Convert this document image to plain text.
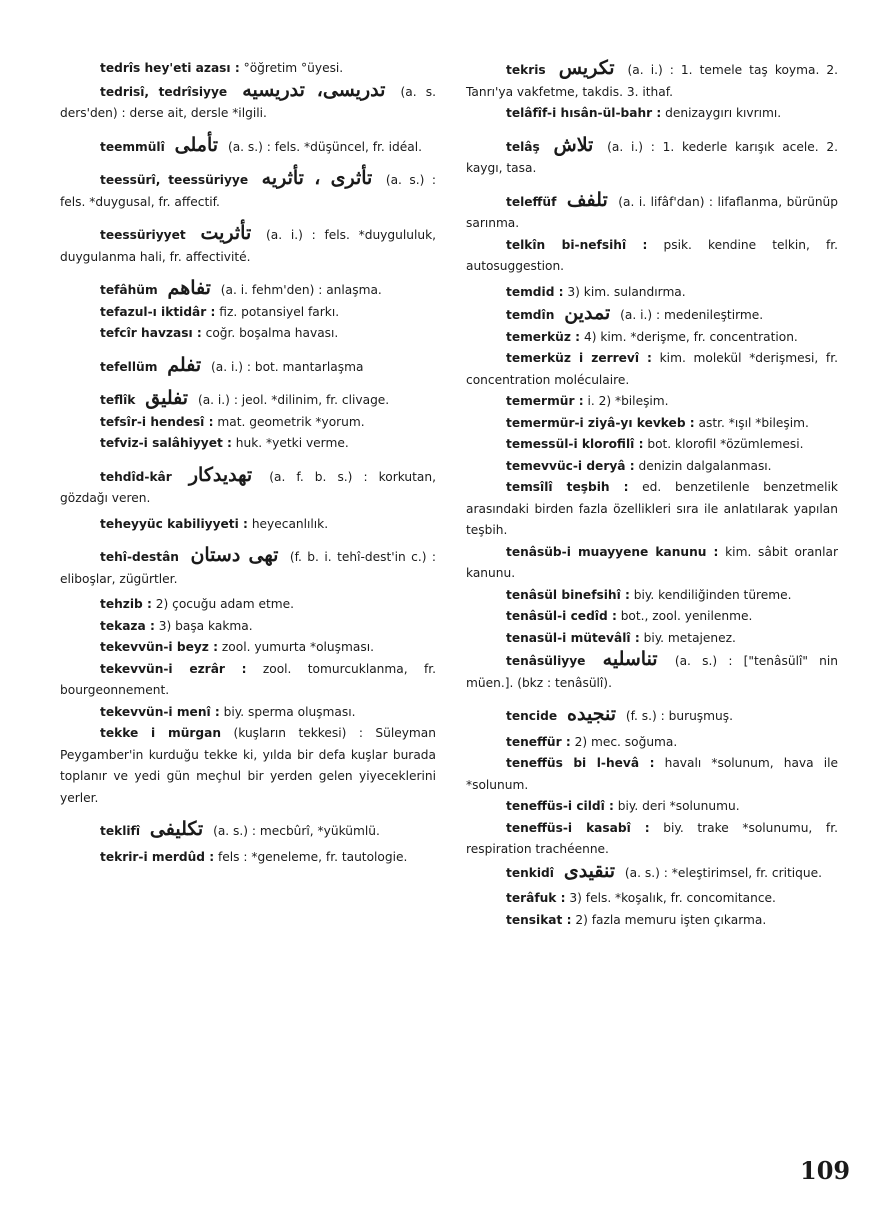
tedrîs hey'eti azası : °öğretim °üyesi.

tedrisî, tedrîsiyye تدريسى، تدريسيه (a. s. ders'den) : derse ait, dersle *ilgili.

teemmülî تأملى (a. s.) : fels. *düşüncel, fr. idéal.

teessürî, teessüriyye تأثرى ، تأثريه (a. s.) : fels. *duygusal, fr. affectif.

teessüriyyet تأثريت (a. i.) : fels. *duygululuk, duygulanma hali, fr. affectivité.

tefâhüm تفاهم (a. i. fehm'den) : anlaşma.

tefazul-ı iktidâr : fiz. potansiyel farkı.

tefcîr havzası : coğr. boşalma havası.

tefellüm تفلم (a. i.) : bot. mantarlaşma

teflîk تفليق (a. i.) : jeol. *dilinim, fr. clivage.

tefsîr-i hendesî : mat. geometrik *yorum.

tefviz-i salâhiyyet : huk. *yetki verme.

tehdîd-kâr تهديدكار (a. f. b. s.) : korkutan, gözdağı veren.

teheyyüc kabiliyyeti : heyecanlılık.

tehî-destân تهى دستان (f. b. i. tehî-dest'in c.) : eliboşlar, zügürtler.

tehzib : 2) çocuğu adam etme.

tekaza : 3) başa kakma.

tekevvün-i beyz : zool. yumurta *oluşması.

tekevvün-i ezrâr : zool. tomurcuklanma, fr. bourgeonnement.

tekevvün-i menî : biy. sperma oluşması.

tekke i mürgan (kuşların tekkesi) : Süleyman Peygamber'in kurduğu tekke ki, yılda bir defa kuşlar burada toplanır ve yedi gün meçhul bir yerden gelen yiyeceklerini yerler.

teklifî تكليفى (a. s.) : mecbûrî, *yükümlü.

tekrir-i merdûd : fels : *geneleme, fr. tautologie.

tekris تكريس (a. i.) : 1. temele taş koyma. 2. Tanrı'ya vakfetme, takdis. 3. ithaf.

telâfîf-i hısân-ül-bahr : denizaygırı kıvrımı.

telâş تلاش (a. i.) : 1. kederle karışık acele. 2. kaygı, tasa.

teleffüf تلفف (a. i. lifâf'dan) : lifaflanma, bürünüp sarınma.

telkîn bi-nefsihî : psik. kendine telkin, fr. autosuggestion.

temdid : 3) kim. sulandırma.

temdîn تمدين (a. i.) : medenileştirme.

temerküz : 4) kim. *derişme, fr. concentration.

temerküz i zerrevî : kim. molekül *derişmesi, fr. concentration moléculaire.

temermür : i. 2) *bileşim.

temermür-i ziyâ-yı kevkeb : astr. *ışıl *bileşim.

temessül-i klorofilî : bot. klorofil *özümlemesi.

temevvüc-i deryâ : denizin dalgalanması.

temsîlî teşbih : ed. benzetilenle benzetmelik arasındaki birden fazla özellikleri sıra ile anlatılarak yapılan teşbih.

tenâsüb-i muayyene kanunu : kim. sâbit oranlar kanunu.

tenâsül binefsihî : biy. kendiliğinden türeme.

tenâsül-i cedîd : bot., zool. yenilenme.

tenasül-i mütevâlî : biy. metajenez.

tenâsüliyye تناسليه (a. s.) : ["tenâsülî" nin müen.]. (bkz : tenâsülî).

tencide تنجيده (f. s.) : buruşmuş.

teneffür : 2) mec. soğuma.

teneffüs bi l-hevâ : havalı *solunum, hava ile *solunum.

teneffüs-i cildî : biy. deri *solunumu.

teneffüs-i kasabî : biy. trake *solunumu, fr. respiration trachéenne.

tenkidî تنقيدى (a. s.) : *eleştirimsel, fr. critique.

terâfuk : 3) fels. *koşalık, fr. concomitance.

tensikat : 2) fazla memuru işten çıkarma.

109
